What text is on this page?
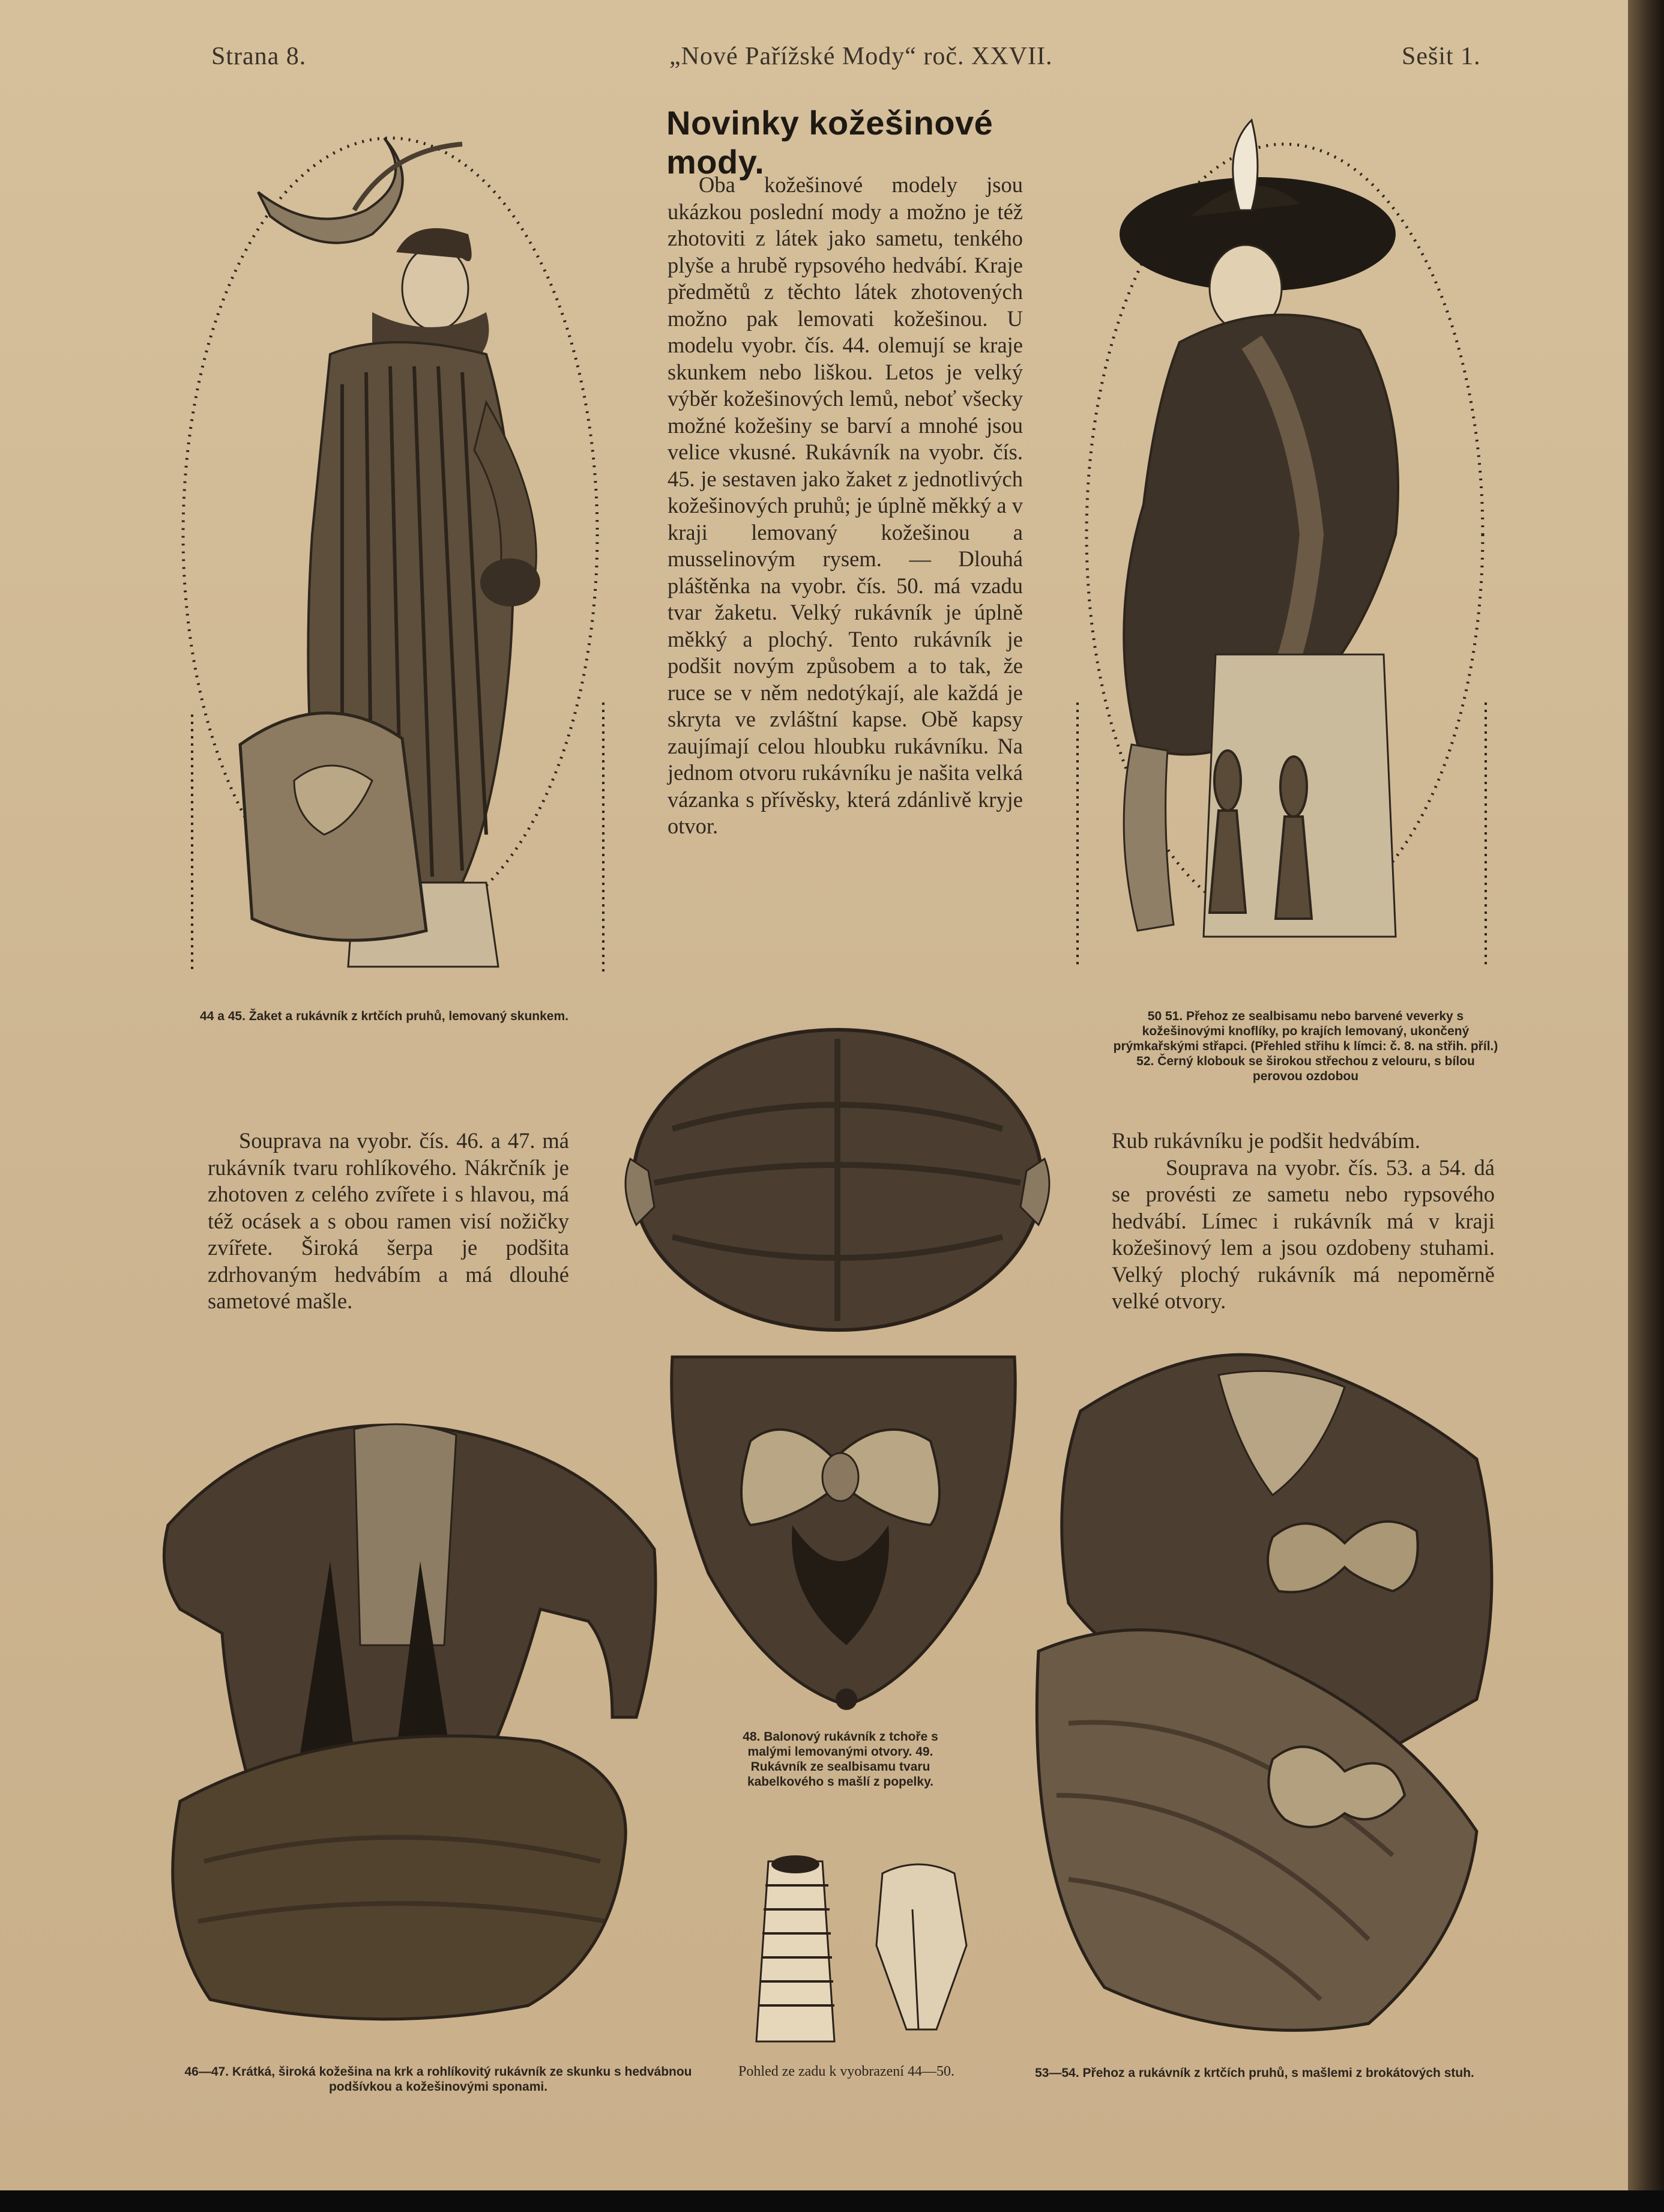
Strana 8.	„Nové Pařížské Mody“ roč. XXVII.	Sešit 1.
Novinky kožešinové mody.

Oba kožešinové modely jsou ukázkou poslední mody a možno je též zhotoviti z látek jako sametu, tenkého plyše a hrubě rypsového hedvábí. Kraje předmětů z těchto látek zhotovených možno pak lemovati kožešinou. U modelu vyobr. čís. 44. olemují se kraje skunkem nebo liškou. Letos je velký výběr kožešinových lemů, neboť všecky možné kožešiny se barví a mnohé jsou velice vkusné. Rukávník na vyobr. čís. 45. je sestaven jako žaket z jednotlivých kožešinových pruhů; je úplně měkký a v kraji lemovaný kožešinou a musselinovým rysem. — Dlouhá pláštěnka na vyobr. čís. 50. má vzadu tvar žaketu. Velký rukávník je úplně měkký a plochý. Tento rukávník je podšit novým způsobem a to tak, že ruce se v něm nedotýkají, ale každá je skryta ve zvláštní kapse. Obě kapsy zaujímají celou hloubku rukávníku. Na jednom otvoru rukávníku je našita velká vázanka s přívěsky, která zdánlivě kryje otvor.

44 a 45. Žaket a rukávník z krtčích pruhů, lemovaný skunkem.	50 51. Přehoz ze sealbisamu nebo barvené veverky s kožešinovými knoflíky, po krajích lemovaný, ukončený prýmkařskými střapci. (Přehled střihu k límci: č. 8. na střih. příl.)
52. Černý klobouk se širokou střechou z velouru, s bílou perovou ozdobou
48. Balonový rukávník z tchoře s malými lemovanými otvory. 49. Rukávník ze sealbisamu tvaru kabelkového s mašlí z popelky.

Souprava na vyobr. čís. 46. a 47. má rukávník tvaru rohlíkového. Nákrčník je zhotoven z celého zvířete i s hlavou, má též ocásek a s obou ramen visí nožičky zvířete. Široká šerpa je podšita zdrhovaným hedvábím a má dlouhé sametové mašle.

Rub rukávníku je podšit hedvábím.

Souprava na vyobr. čís. 53. a 54. dá se provésti ze sametu nebo rypsového hedvábí. Límec i rukávník má v kraji kožešinový lem a jsou ozdobeny stuhami. Velký plochý rukávník má nepoměrně velké otvory.

Pohled ze zadu k vyobrazení 44—50.
46—47. Krátká, široká kožešina na krk a rohlíkovitý rukávník ze skunku s hedvábnou podšívkou a kožešinovými sponami.
53—54. Přehoz a rukávník z krtčích pruhů, s mašlemi z brokátových stuh.
